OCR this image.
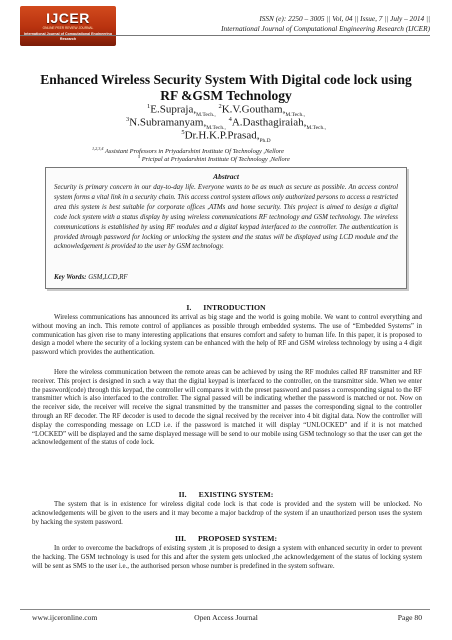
IJCER
ONLINE PEER REVIEW JOURNAL
International Journal of Computational Engineering Research
ISSN (e): 2250 – 3005 || Vol, 04 || Issue, 7 || July – 2014 ||
International Journal of Computational Engineering Research (IJCER)
Enhanced Wireless Security System With Digital code lock using
RF &GSM Technology
$^1E.Supraja,_{M.Tech.,}$ $^2K.V.Goutham,_{M.Tech.,}$
$^3N.Subramanyam,_{M.Tech.,}$ $^4A.Dasthagiraiah,_{M.Tech.,}$
$^5Dr.H.K.P.Prasad,_{Ph.D}$
$^{1,2,3,4}$ Assistant Professors in Priyadarshini Institute Of Technology ,Nellore
$^5$ Pricipal at Priyadarshini Institute Of Technology ,Nellore
Abstract
Security is primary concern in our day-to-day life. Everyone wants to be as much as secure as possible. An access control system forms a vital link in a security chain. This access control system allows only authorized persons to access a restricted area this system is best suitable for corporate offices ,ATMs and home security. This project is aimed to design a digital code lock system with a status display by using wireless communications RF technology and GSM technology. The wireless communications is established by using RF modules and a digital keypad interfaced to the controller. The authentication is provided through password for locking or unlocking the system and the status will be displayed using LCD module and the acknowledgement is provided to the user by GSM technology.
Key Words: GSM,LCD,RF
I. INTRODUCTION
Wireless communications has announced its arrival as big stage and the world is going mobile. We want to control everything and without moving an inch. This remote control of appliances as possible through embedded systems. The use of “Embedded Systems” in communication has given rise to many interesting applications that ensures comfort and safety to human life. In this paper, it is proposed to design a model where the security of a locking system can be enhanced with the help of RF and GSM wireless technology by using a 4 digit password which provides the authentication.
Here the wireless communication between the remote areas can be achieved by using the RF modules called RF transmitter and RF receiver. This project is designed in such a way that the digital keypad is interfaced to the controller, on the transmitter side. When we enter the password(code) through this keypad, the controller will compares it with the preset password and passes a corresponding signal to the RF transmitter which is also interfaced to the controller. The signal passed will be indicating whether the password is matched or not. Now on the receiver side, the receiver will receive the signal transmitted by the transmitter and passes the corresponding signal to the controller through an RF decoder. The RF decoder is used to decode the signal received by the receiver into 4 bit digital data. Now the controller will display the corresponding message on LCD i.e. if the password is matched it will display “UNLOCKED” and if it is not matched “LOCKED” will be displayed and the same displayed message will be send to our mobile using GSM technology so that the user can get the acknowledgement of the status of code lock.
II. EXISTING SYSTEM:
The system that is in existence for wireless digital code lock is that code is provided and the system will be unlocked. No acknowledgements will be given to the users and it may become a major backdrop of the system if an unauthorized person uses the system by hacking the system password.
III. PROPOSED SYSTEM:
In order to overcome the backdrops of existing system ,it is proposed to design a system with enhanced security in order to prevent the hacking. The GSM technology is used for this and after the system gets unlocked ,the acknowledgement of the status of locking system will be sent as SMS to the user i.e., the authorised person whose number is predefined in the system software.
www.ijceronline.com	Open Access Journal	Page 80
